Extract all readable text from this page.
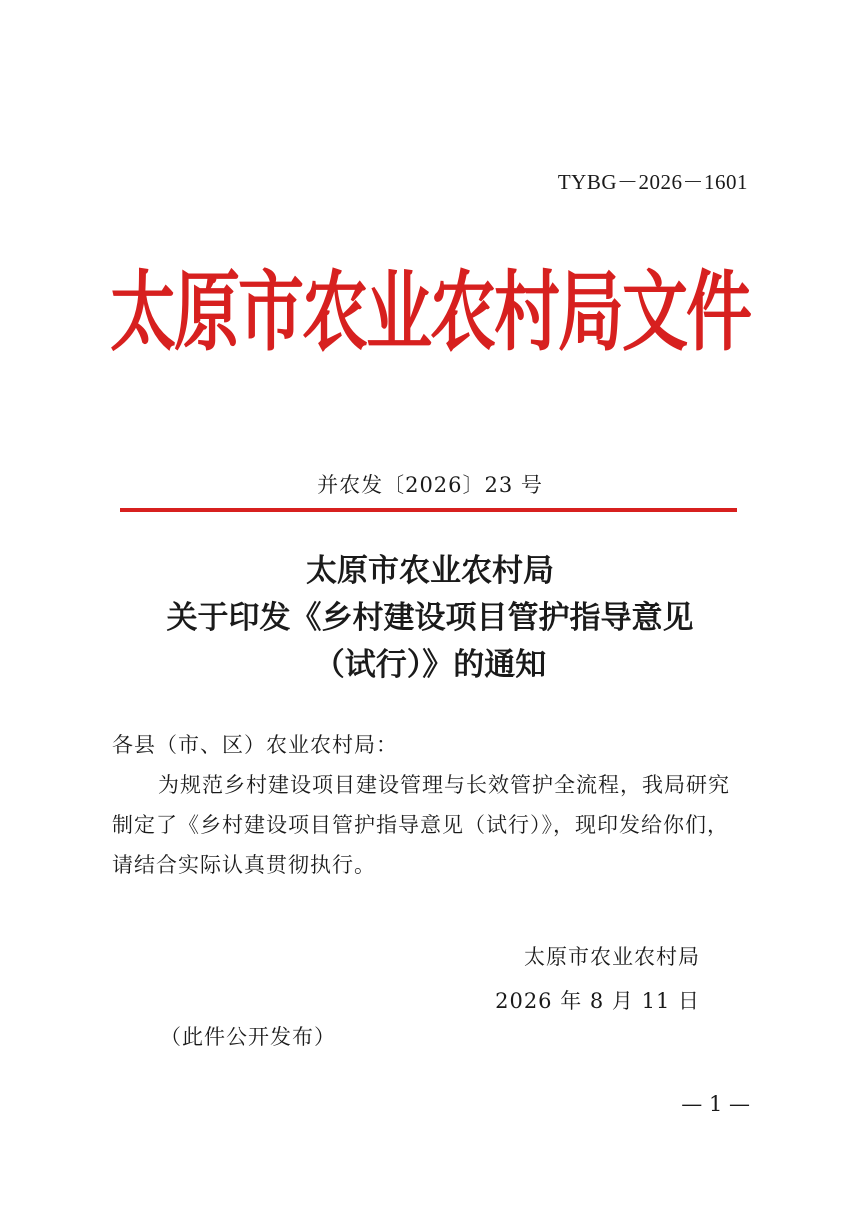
TYBG－2026－1601
太原市农业农村局文件
并农发〔2026〕23 号
太原市农业农村局
关于印发《乡村建设项目管护指导意见
（试行）》的通知
各县（市、区）农业农村局：
为规范乡村建设项目建设管理与长效管护全流程，我局研究
制定了《乡村建设项目管护指导意见（试行）》，现印发给你们，
请结合实际认真贯彻执行。
太原市农业农村局
2026 年 8 月 11 日
（此件公开发布）
— 1 —
